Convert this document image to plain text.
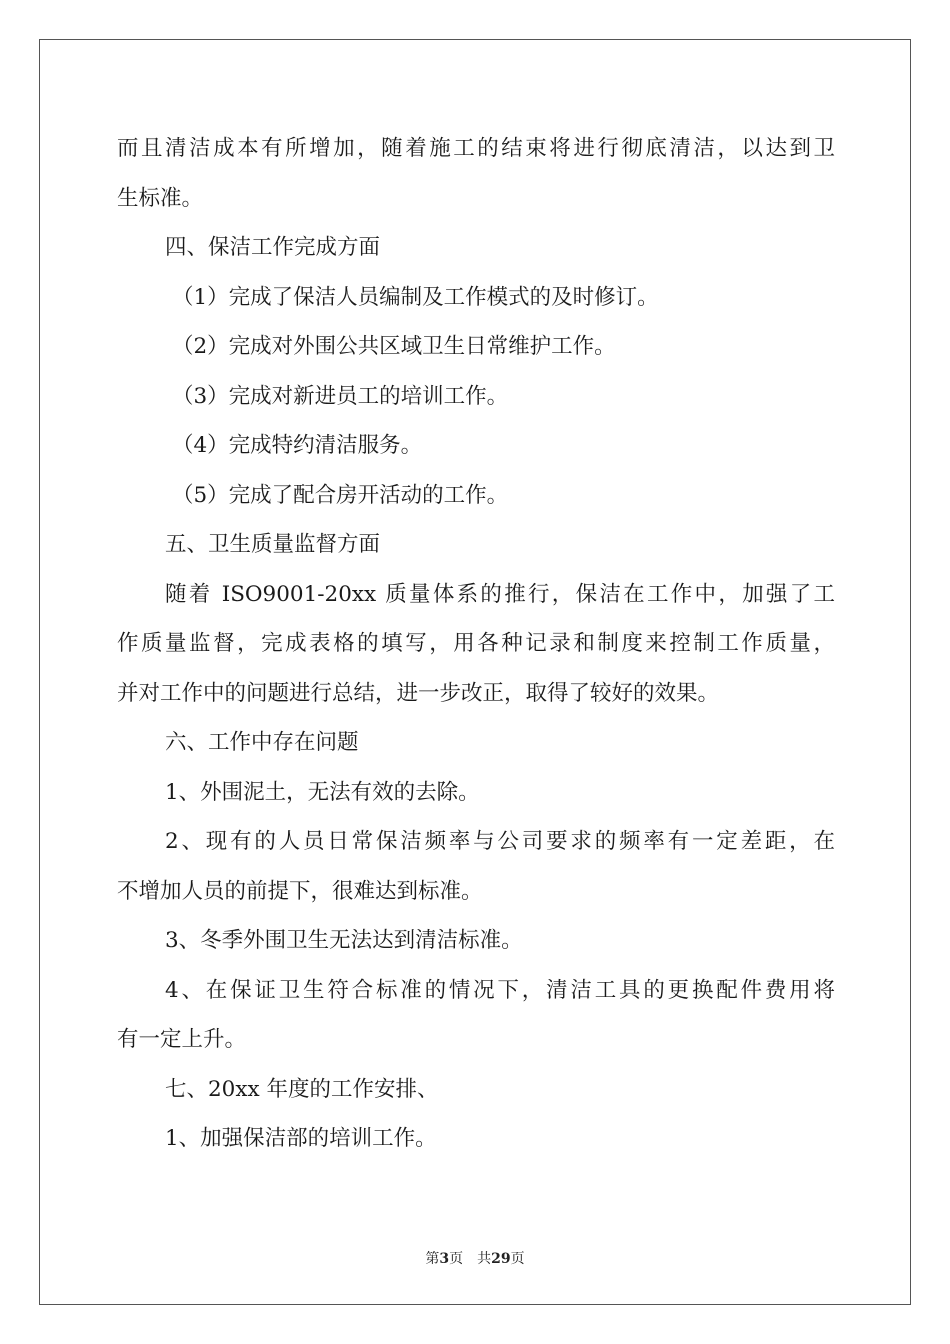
而且清洁成本有所增加，随着施工的结束将进行彻底清洁，以达到卫
生标准。
四、保洁工作完成方面
（1）完成了保洁人员编制及工作模式的及时修订。
（2）完成对外围公共区域卫生日常维护工作。
（3）完成对新进员工的培训工作。
（4）完成特约清洁服务。
（5）完成了配合房开活动的工作。
五、卫生质量监督方面
随着 ISO9001-20xx 质量体系的推行，保洁在工作中，加强了工
作质量监督，完成表格的填写，用各种记录和制度来控制工作质量，
并对工作中的问题进行总结，进一步改正，取得了较好的效果。
六、工作中存在问题
1、外围泥土，无法有效的去除。
2、现有的人员日常保洁频率与公司要求的频率有一定差距，在
不增加人员的前提下，很难达到标准。
3、冬季外围卫生无法达到清洁标准。
4、在保证卫生符合标准的情况下，清洁工具的更换配件费用将
有一定上升。
七、20xx 年度的工作安排、
1、加强保洁部的培训工作。
第3页 共29页
